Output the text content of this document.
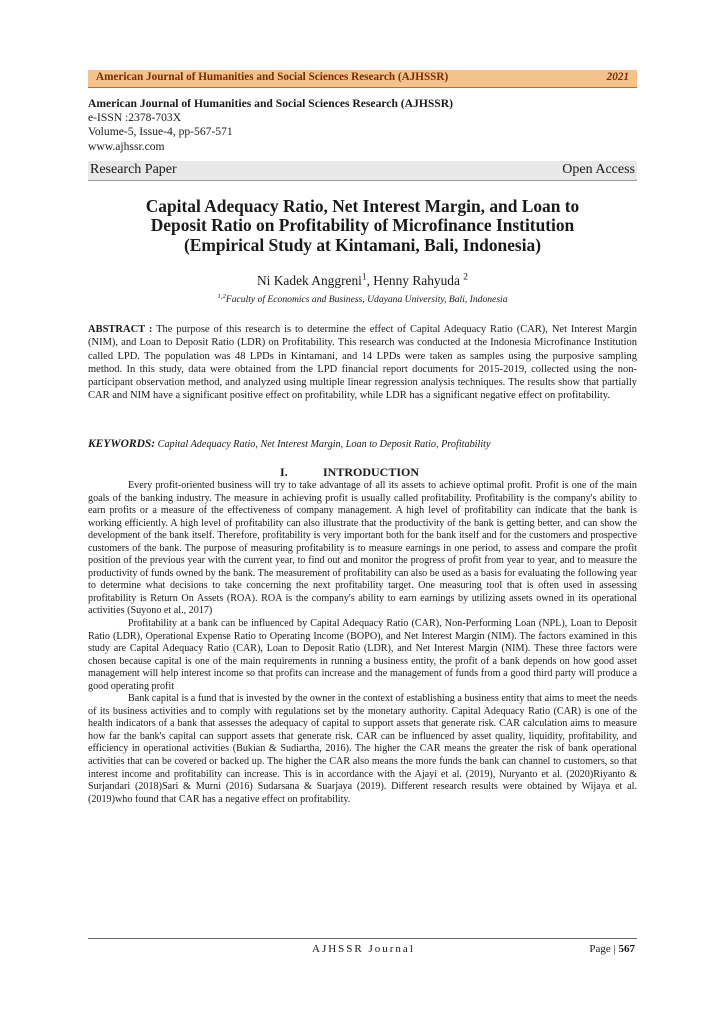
American Journal of Humanities and Social Sciences Research (AJHSSR)	2021
American Journal of Humanities and Social Sciences Research (AJHSSR)
e-ISSN :2378-703X
Volume-5, Issue-4, pp-567-571
www.ajhssr.com
Research Paper	Open Access
Capital Adequacy Ratio, Net Interest Margin, and Loan to
Deposit Ratio on Profitability of Microfinance Institution
(Empirical Study at Kintamani, Bali, Indonesia)
Ni Kadek Anggreni$^1$, Henny Rahyuda $^2$
$^{1,2}$Faculty of Economics and Business, Udayana University, Bali, Indonesia
ABSTRACT : The purpose of this research is to determine the effect of Capital Adequacy Ratio (CAR), Net Interest Margin (NIM), and Loan to Deposit Ratio (LDR) on Profitability. This research was conducted at the Indonesia Microfinance Institution called LPD. The population was 48 LPDs in Kintamani, and 14 LPDs were taken as samples using the purposive sampling method. In this study, data were obtained from the LPD financial report documents for 2015-2019, collected using the non-participant observation method, and analyzed using multiple linear regression analysis techniques. The results show that partially CAR and NIM have a significant positive effect on profitability, while LDR has a significant negative effect on profitability.
KEYWORDS: Capital Adequacy Ratio, Net Interest Margin, Loan to Deposit Ratio, Profitability
I.	INTRODUCTION

Every profit-oriented business will try to take advantage of all its assets to achieve optimal profit. Profit is one of the main goals of the banking industry. The measure in achieving profit is usually called profitability. Profitability is the company's ability to earn profits or a measure of the effectiveness of company management. A high level of profitability can indicate that the bank is working efficiently. A high level of profitability can also illustrate that the productivity of the bank is getting better, and can show the development of the bank itself. Therefore, profitability is very important both for the bank itself and for the customers and prospective customers of the bank. The purpose of measuring profitability is to measure earnings in one period, to assess and compare the profit position of the previous year with the current year, to find out and monitor the progress of profit from year to year, and to measure the productivity of funds owned by the bank. The measurement of profitability can also be used as a basis for evaluating the following year to determine what decisions to take concerning the next profitability target. One measuring tool that is often used in assessing profitability is Return On Assets (ROA). ROA is the company's ability to earn earnings by utilizing assets owned in its operational activities (Suyono et al., 2017)

Profitability at a bank can be influenced by Capital Adequacy Ratio (CAR), Non-Performing Loan (NPL), Loan to Deposit Ratio (LDR), Operational Expense Ratio to Operating Income (BOPO), and Net Interest Margin (NIM). The factors examined in this study are Capital Adequacy Ratio (CAR), Loan to Deposit Ratio (LDR), and Net Interest Margin (NIM). These three factors were chosen because capital is one of the main requirements in running a business entity, the profit of a bank depends on how good asset management will help interest income so that profits can increase and the management of funds from a good third party will produce a good operating profit

Bank capital is a fund that is invested by the owner in the context of establishing a business entity that aims to meet the needs of its business activities and to comply with regulations set by the monetary authority. Capital Adequacy Ratio (CAR) is one of the health indicators of a bank that assesses the adequacy of capital to support assets that generate risk. CAR calculation aims to measure how far the bank's capital can support assets that generate risk. CAR can be influenced by asset quality, liquidity, profitability, and efficiency in operational activities (Bukian & Sudiartha, 2016). The higher the CAR means the greater the risk of bank operational activities that can be covered or backed up. The higher the CAR also means the more funds the bank can channel to customers, so that interest income and profitability can increase. This is in accordance with the Ajayi et al. (2019), Nuryanto et al. (2020)Riyanto & Surjandari (2018)Sari & Murni (2016) Sudarsana & Suarjaya (2019). Different research results were obtained by Wijaya et al. (2019)who found that CAR has a negative effect on profitability.

AJHSSR Journal	Page | 567
